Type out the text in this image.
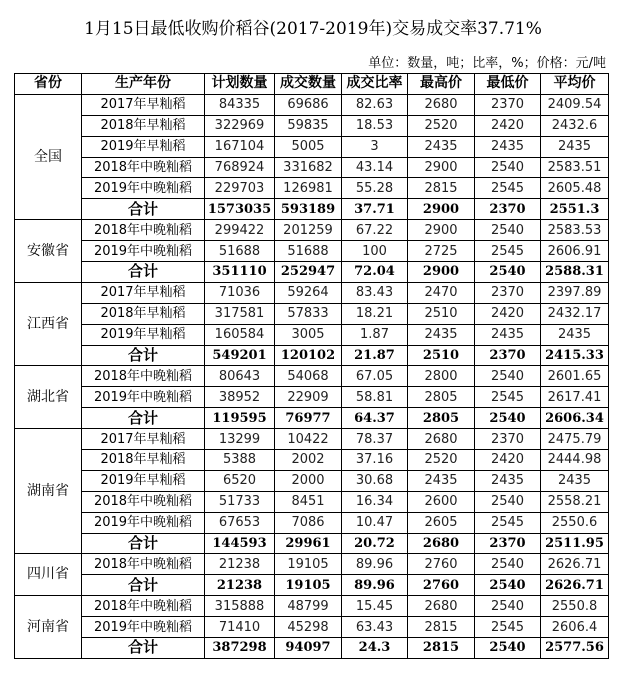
1月15日最低收购价稻谷(2017-2019年)交易成交率37.71%
单位：数量，吨；比率，%；价格：元/吨
省份	生产年份	计划数量	成交数量	成交比率	最高价	最低价	平均价
全国	2017年早籼稻	84335	69686	82.63	2680	2370	2409.54
	2018年早籼稻	322969	59835	18.53	2520	2420	2432.6
	2019年早籼稻	167104	5005	3	2435	2435	2435
	2018年中晚籼稻	768924	331682	43.14	2900	2540	2583.51
	2019年中晚籼稻	229703	126981	55.28	2815	2545	2605.48
	合计	1573035	593189	37.71	2900	2370	2551.3
安徽省	2018年中晚籼稻	299422	201259	67.22	2900	2540	2583.53
	2019年中晚籼稻	51688	51688	100	2725	2545	2606.91
	合计	351110	252947	72.04	2900	2540	2588.31
江西省	2017年早籼稻	71036	59264	83.43	2470	2370	2397.89
	2018年早籼稻	317581	57833	18.21	2510	2420	2432.17
	2019年早籼稻	160584	3005	1.87	2435	2435	2435
	合计	549201	120102	21.87	2510	2370	2415.33
湖北省	2018年中晚籼稻	80643	54068	67.05	2800	2540	2601.65
	2019年中晚籼稻	38952	22909	58.81	2805	2545	2617.41
	合计	119595	76977	64.37	2805	2540	2606.34
湖南省	2017年早籼稻	13299	10422	78.37	2680	2370	2475.79
	2018年早籼稻	5388	2002	37.16	2520	2420	2444.98
	2019年早籼稻	6520	2000	30.68	2435	2435	2435
	2018年中晚籼稻	51733	8451	16.34	2600	2540	2558.21
	2019年中晚籼稻	67653	7086	10.47	2605	2545	2550.6
	合计	144593	29961	20.72	2680	2370	2511.95
四川省	2018年中晚籼稻	21238	19105	89.96	2760	2540	2626.71
	合计	21238	19105	89.96	2760	2540	2626.71
河南省	2018年中晚籼稻	315888	48799	15.45	2680	2540	2550.8
	2019年中晚籼稻	71410	45298	63.43	2815	2545	2606.4
	合计	387298	94097	24.3	2815	2540	2577.56
